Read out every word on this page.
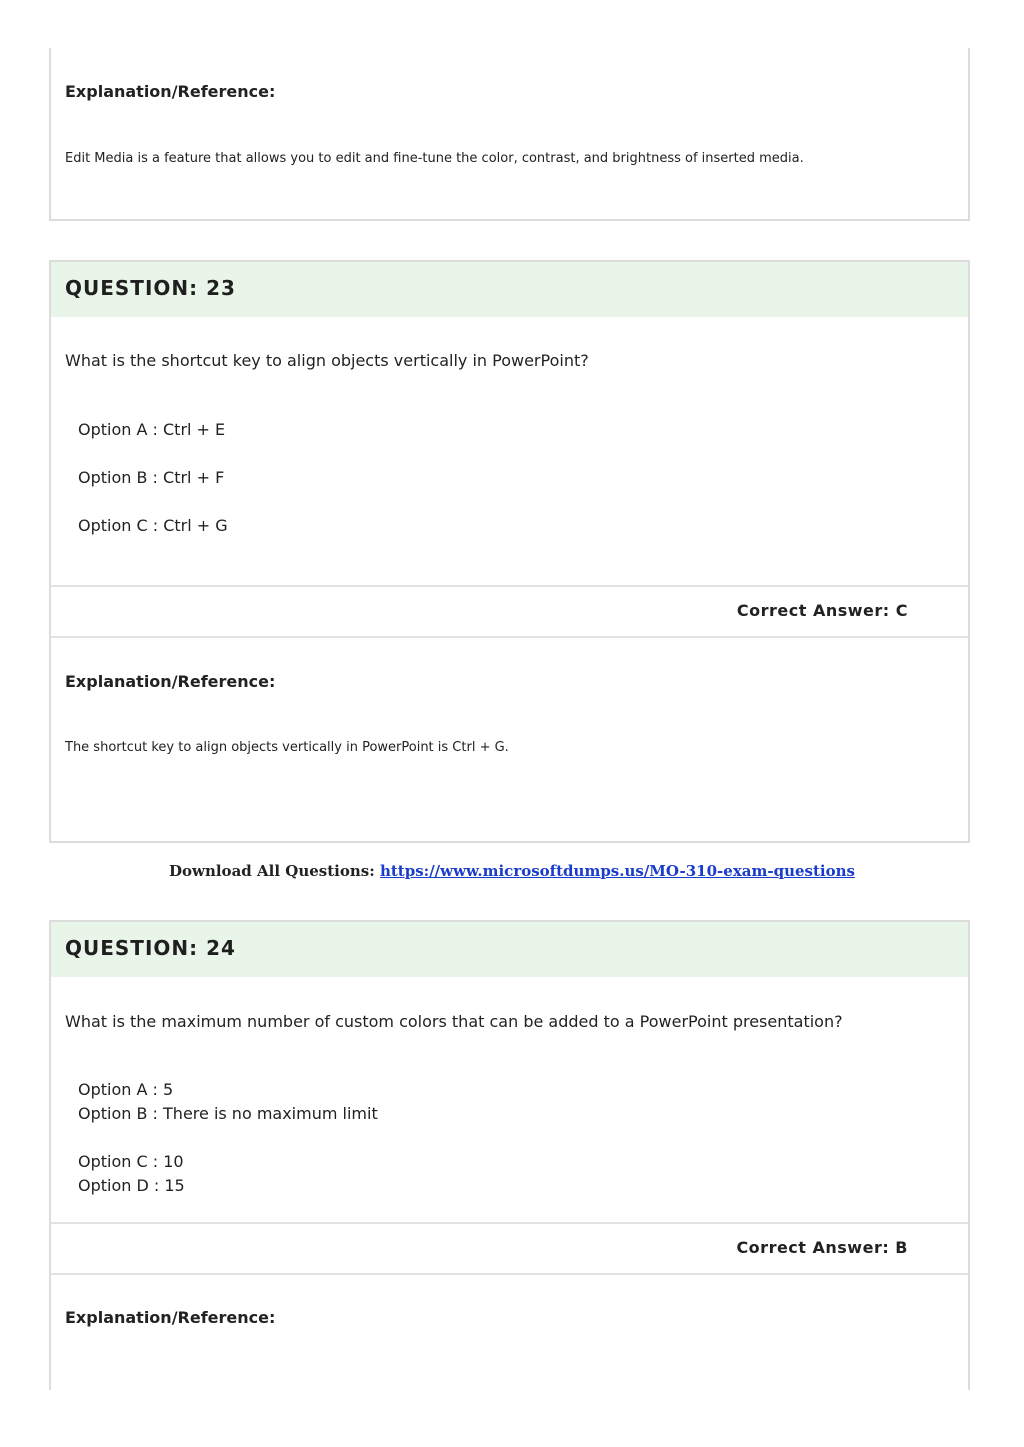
Explanation/Reference:
Edit Media is a feature that allows you to edit and fine-tune the color, contrast, and brightness of inserted media.
QUESTION: 23
What is the shortcut key to align objects vertically in PowerPoint?
Option A : Ctrl + E
Option B : Ctrl + F
Option C : Ctrl + G
Correct Answer: C
Explanation/Reference:
The shortcut key to align objects vertically in PowerPoint is Ctrl + G.
Download All Questions: https://www.microsoftdumps.us/MO-310-exam-questions
QUESTION: 24
What is the maximum number of custom colors that can be added to a PowerPoint presentation?
Option A : 5
Option B : There is no maximum limit
Option C : 10
Option D : 15
Correct Answer: B
Explanation/Reference:
